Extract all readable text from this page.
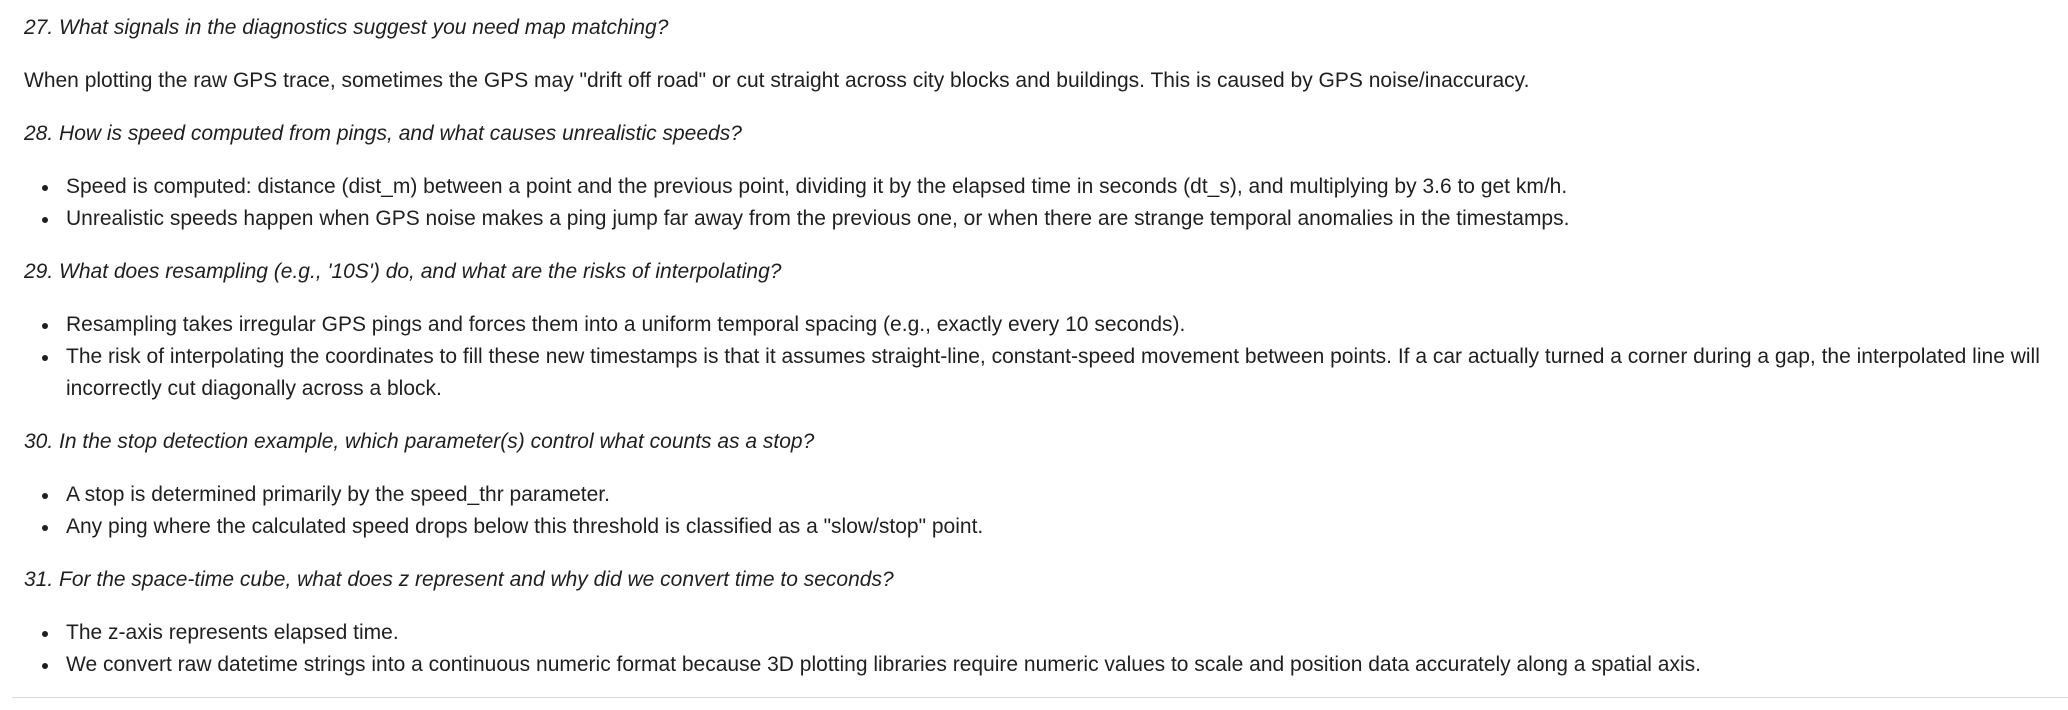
27. What signals in the diagnostics suggest you need map matching?

When plotting the raw GPS trace, sometimes the GPS may "drift off road" or cut straight across city blocks and buildings. This is caused by GPS noise/inaccuracy.

28. How is speed computed from pings, and what causes unrealistic speeds?

Speed is computed: distance (dist_m) between a point and the previous point, dividing it by the elapsed time in seconds (dt_s), and multiplying by 3.6 to get km/h.
Unrealistic speeds happen when GPS noise makes a ping jump far away from the previous one, or when there are strange temporal anomalies in the timestamps.

29. What does resampling (e.g., '10S') do, and what are the risks of interpolating?

Resampling takes irregular GPS pings and forces them into a uniform temporal spacing (e.g., exactly every 10 seconds).
The risk of interpolating the coordinates to fill these new timestamps is that it assumes straight-line, constant-speed movement between points. If a car actually turned a corner during a gap, the interpolated line will incorrectly cut diagonally across a block.

30. In the stop detection example, which parameter(s) control what counts as a stop?

A stop is determined primarily by the speed_thr parameter.
Any ping where the calculated speed drops below this threshold is classified as a "slow/stop" point.

31. For the space-time cube, what does z represent and why did we convert time to seconds?

The z-axis represents elapsed time.
We convert raw datetime strings into a continuous numeric format because 3D plotting libraries require numeric values to scale and position data accurately along a spatial axis.
